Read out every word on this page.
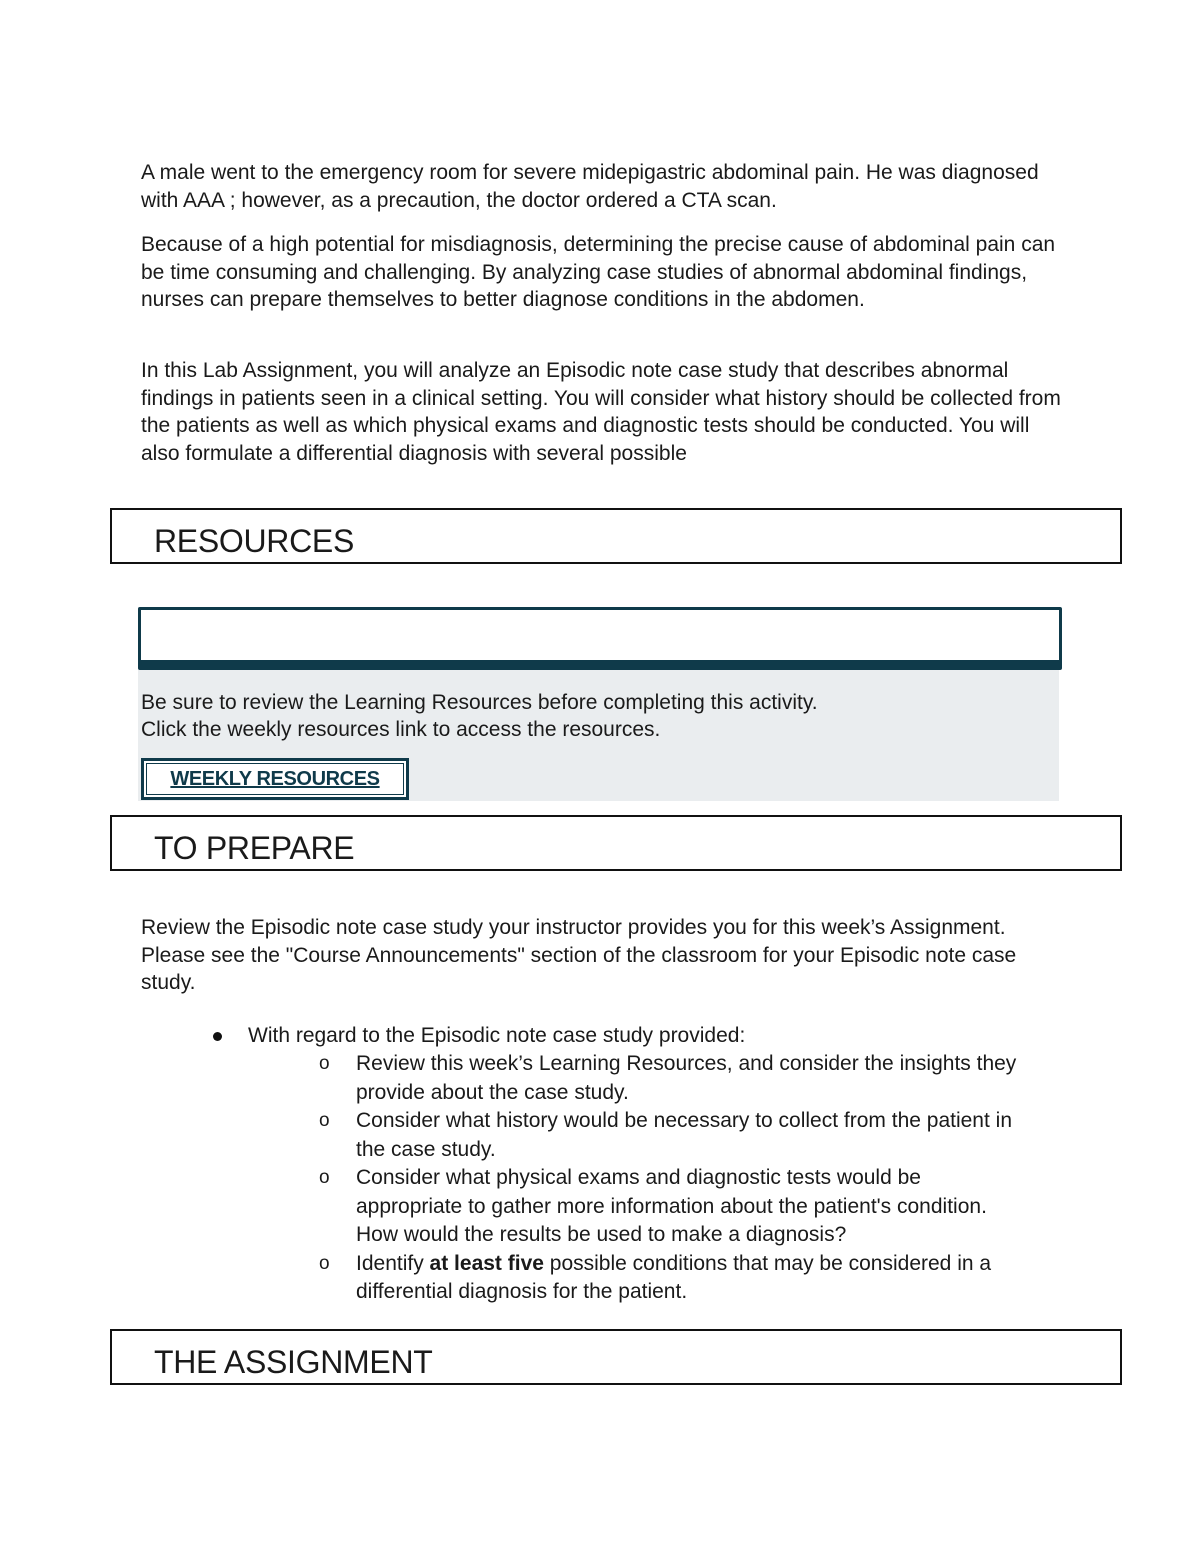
A male went to the emergency room for severe midepigastric abdominal pain. He was diagnosed with AAA ; however, as a precaution, the doctor ordered a CTA scan.

Because of a high potential for misdiagnosis, determining the precise cause of abdominal pain can be time consuming and challenging. By analyzing case studies of abnormal abdominal findings, nurses can prepare themselves to better diagnose conditions in the abdomen.

In this Lab Assignment, you will analyze an Episodic note case study that describes abnormal findings in patients seen in a clinical setting. You will consider what history should be collected from the patients as well as which physical exams and diagnostic tests should be conducted. You will also formulate a differential diagnosis with several possible

RESOURCES

Be sure to review the Learning Resources before completing this activity.
Click the weekly resources link to access the resources.

WEEKLY RESOURCES
TO PREPARE

Review the Episodic note case study your instructor provides you for this week’s Assignment. Please see the "Course Announcements" section of the classroom for your Episodic note case study.

With regard to the Episodic note case study provided:
o Review this week’s Learning Resources, and consider the insights they provide about the case study.
o Consider what history would be necessary to collect from the patient in the case study.
o Consider what physical exams and diagnostic tests would be appropriate to gather more information about the patient's condition. How would the results be used to make a diagnosis?
o Identify at least five possible conditions that may be considered in a differential diagnosis for the patient.
THE ASSIGNMENT
